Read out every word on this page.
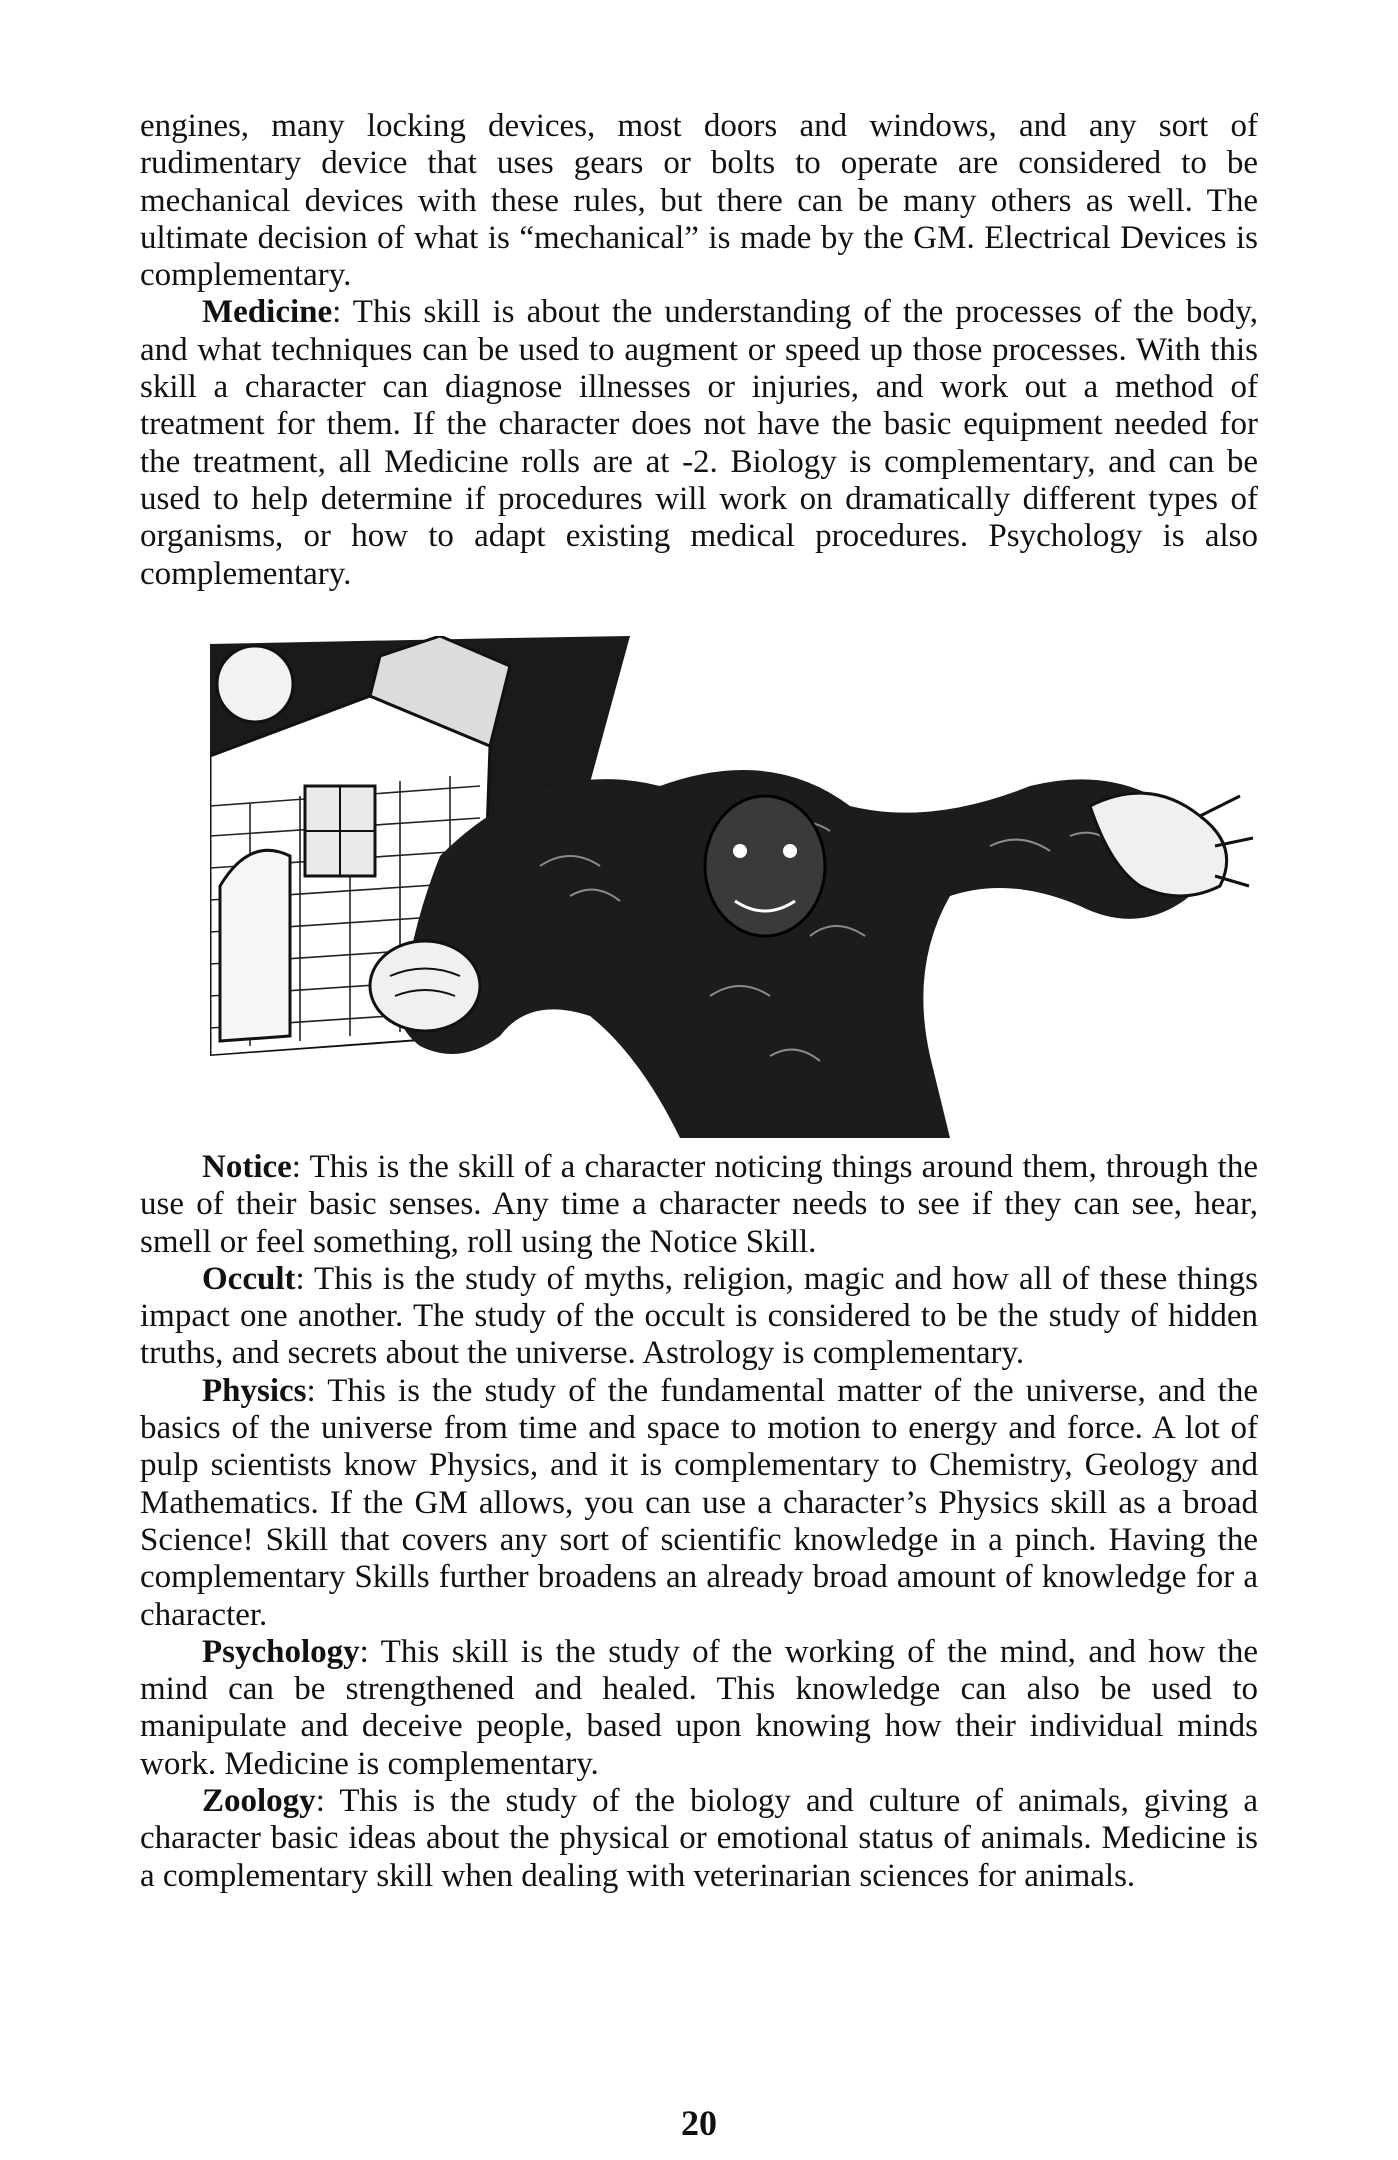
engines, many locking devices, most doors and windows, and any sort of rudimentary device that uses gears or bolts to operate are considered to be mechanical devices with these rules, but there can be many others as well. The ultimate decision of what is “mechanical” is made by the GM. Electrical Devices is complementary.

Medicine: This skill is about the understanding of the processes of the body, and what techniques can be used to augment or speed up those processes. With this skill a character can diagnose illnesses or injuries, and work out a method of treatment for them. If the character does not have the basic equipment needed for the treatment, all Medicine rolls are at -2. Biology is complementary, and can be used to help determine if procedures will work on dramatically different types of organisms, or how to adapt existing medical procedures. Psychology is also complementary.

Notice: This is the skill of a character noticing things around them, through the use of their basic senses. Any time a character needs to see if they can see, hear, smell or feel something, roll using the Notice Skill.

Occult: This is the study of myths, religion, magic and how all of these things impact one another. The study of the occult is considered to be the study of hidden truths, and secrets about the universe. Astrology is complementary.

Physics: This is the study of the fundamental matter of the universe, and the basics of the universe from time and space to motion to energy and force. A lot of pulp scientists know Physics, and it is complementary to Chemistry, Geology and Mathematics. If the GM allows, you can use a character’s Physics skill as a broad Science! Skill that covers any sort of scientific knowledge in a pinch. Having the complementary Skills further broadens an already broad amount of knowledge for a character.

Psychology: This skill is the study of the working of the mind, and how the mind can be strengthened and healed. This knowledge can also be used to manipulate and deceive people, based upon knowing how their individual minds work. Medicine is complementary.

Zoology: This is the study of the biology and culture of animals, giving a character basic ideas about the physical or emotional status of animals. Medicine is a complementary skill when dealing with veterinarian sciences for animals.

20
